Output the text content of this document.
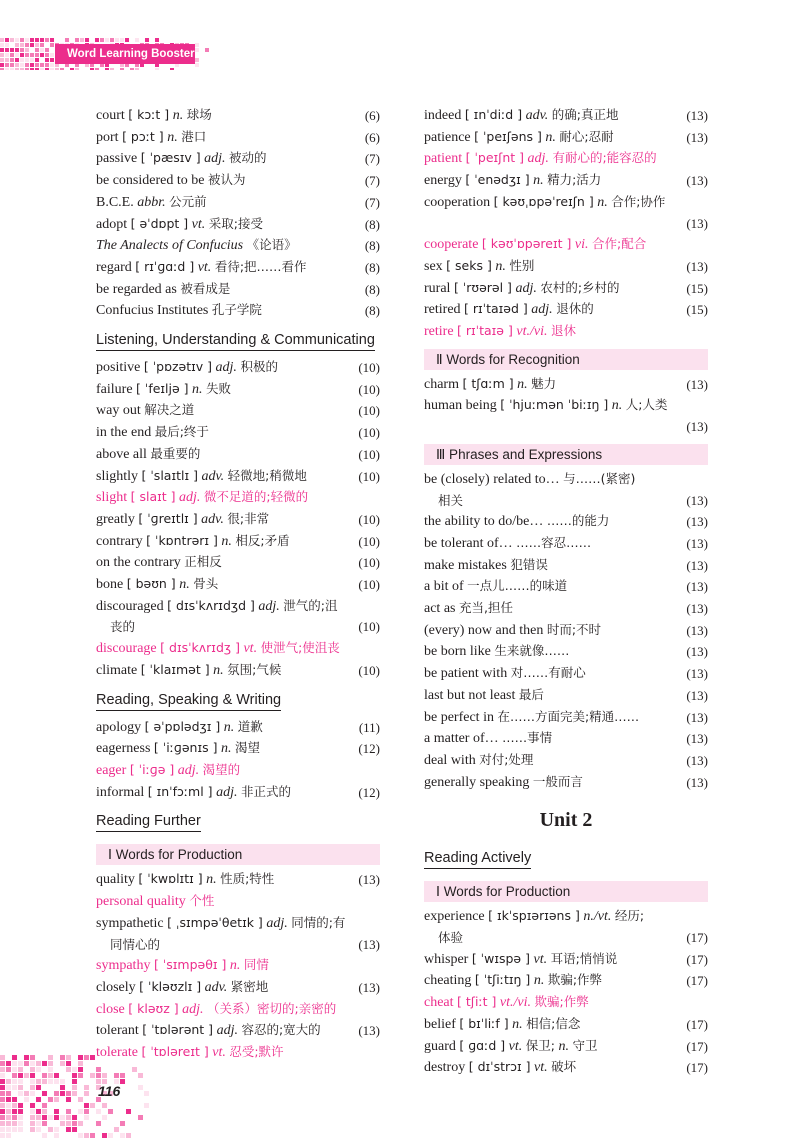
Word Learning Booster
court [ kɔːt ] n. 球场	(6)
port [ pɔːt ] n. 港口	(6)
passive [ ˈpæsɪv ] adj. 被动的	(7)
be considered to be 被认为	(7)
B.C.E. abbr. 公元前	(7)
adopt [ əˈdɒpt ] vt. 采取;接受	(8)
The Analects of Confucius 《论语》	(8)
regard [ rɪˈɡɑːd ] vt. 看待;把……看作	(8)
be regarded as 被看成是	(8)
Confucius Institutes 孔子学院	(8)
Listening, Understanding & Communicating
positive [ ˈpɒzətɪv ] adj. 积极的	(10)
failure [ ˈfeɪljə ] n. 失败	(10)
way out 解决之道	(10)
in the end 最后;终于	(10)
above all 最重要的	(10)
slightly [ ˈslaɪtlɪ ] adv. 轻微地;稍微地	(10)
slight [ slaɪt ] adj. 微不足道的;轻微的
greatly [ ˈɡreɪtlɪ ] adv. 很;非常	(10)
contrary [ ˈkɒntrərɪ ] n. 相反;矛盾	(10)
on the contrary 正相反	(10)
bone [ bəʊn ] n. 骨头	(10)
discouraged [ dɪsˈkʌrɪdʒd ] adj. 泄气的;沮
丧的	(10)
discourage [ dɪsˈkʌrɪdʒ ] vt. 使泄气;使沮丧
climate [ ˈklaɪmət ] n. 氛围;气候	(10)
Reading, Speaking & Writing
apology [ əˈpɒlədʒɪ ] n. 道歉	(11)
eagerness [ ˈiːɡənɪs ] n. 渴望	(12)
eager [ ˈiːɡə ] adj. 渴望的
informal [ ɪnˈfɔːml ] adj. 非正式的	(12)
Reading Further
Ⅰ Words for Production
quality [ ˈkwɒlɪtɪ ] n. 性质;特性	(13)
personal quality 个性
sympathetic [ ˌsɪmpəˈθetɪk ] adj. 同情的;有
同情心的	(13)
sympathy [ ˈsɪmpəθɪ ] n. 同情
closely [ ˈkləʊzlɪ ] adv. 紧密地	(13)
close [ kləʊz ] adj. （关系）密切的;亲密的
tolerant [ ˈtɒlərənt ] adj. 容忍的;宽大的	(13)
tolerate [ ˈtɒləreɪt ] vt. 忍受;默许
indeed [ ɪnˈdiːd ] adv. 的确;真正地	(13)
patience [ ˈpeɪʃəns ] n. 耐心;忍耐	(13)
patient [ ˈpeɪʃnt ] adj. 有耐心的;能容忍的
energy [ ˈenədʒɪ ] n. 精力;活力	(13)
cooperation [ kəʊˌɒpəˈreɪʃn ] n. 合作;协作
(13)
cooperate [ kəʊˈɒpəreɪt ] vi. 合作;配合
sex [ seks ] n. 性别	(13)
rural [ ˈrʊərəl ] adj. 农村的;乡村的	(15)
retired [ rɪˈtaɪəd ] adj. 退休的	(15)
retire [ rɪˈtaɪə ] vt./vi. 退休
Ⅱ Words for Recognition
charm [ tʃɑːm ] n. 魅力	(13)
human being [ ˈhjuːmən ˈbiːɪŋ ] n. 人;人类
(13)
Ⅲ Phrases and Expressions
be (closely) related to… 与……(紧密)
相关	(13)
the ability to do/be… ……的能力	(13)
be tolerant of… ……容忍……	(13)
make mistakes 犯错误	(13)
a bit of 一点儿……的味道	(13)
act as 充当,担任	(13)
(every) now and then 时而;不时	(13)
be born like 生来就像……	(13)
be patient with 对……有耐心	(13)
last but not least 最后	(13)
be perfect in 在……方面完美;精通……	(13)
a matter of… ……事情	(13)
deal with 对付;处理	(13)
generally speaking 一般而言	(13)
Unit 2
Reading Actively
Ⅰ Words for Production
experience [ ɪkˈspɪərɪəns ] n./vt. 经历;
体验	(17)
whisper [ ˈwɪspə ] vt. 耳语;悄悄说	(17)
cheating [ ˈtʃiːtɪŋ ] n. 欺骗;作弊	(17)
cheat [ tʃiːt ] vt./vi. 欺骗;作弊
belief [ bɪˈliːf ] n. 相信;信念	(17)
guard [ ɡɑːd ] vt. 保卫; n. 守卫	(17)
destroy [ dɪˈstrɔɪ ] vt. 破坏	(17)
116
